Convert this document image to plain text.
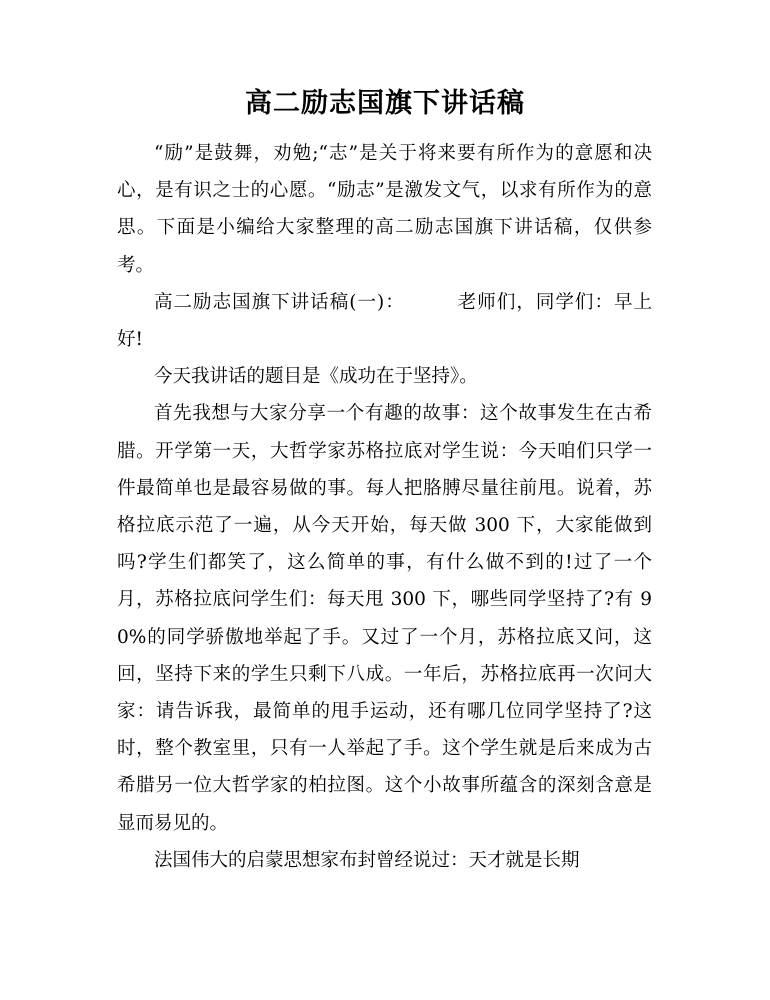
高二励志国旗下讲话稿

“励”是鼓舞，劝勉;“志”是关于将来要有所作为的意愿和决心，是有识之士的心愿。“励志”是激发文气，以求有所作为的意思。下面是小编给大家整理的高二励志国旗下讲话稿，仅供参考。

高二励志国旗下讲话稿(一)：	老师们，同学们：早上好!

今天我讲话的题目是《成功在于坚持》。

首先我想与大家分享一个有趣的故事：这个故事发生在古希腊。开学第一天，大哲学家苏格拉底对学生说：今天咱们只学一件最简单也是最容易做的事。每人把胳膊尽量往前甩。说着，苏格拉底示范了一遍，从今天开始，每天做 300 下，大家能做到吗?学生们都笑了，这么简单的事，有什么做不到的!过了一个月，苏格拉底问学生们：每天甩 300 下，哪些同学坚持了?有 90%的同学骄傲地举起了手。又过了一个月，苏格拉底又问，这回，坚持下来的学生只剩下八成。一年后，苏格拉底再一次问大家：请告诉我，最简单的甩手运动，还有哪几位同学坚持了?这时，整个教室里，只有一人举起了手。这个学生就是后来成为古希腊另一位大哲学家的柏拉图。这个小故事所蕴含的深刻含意是显而易见的。

法国伟大的启蒙思想家布封曾经说过：天才就是长期
